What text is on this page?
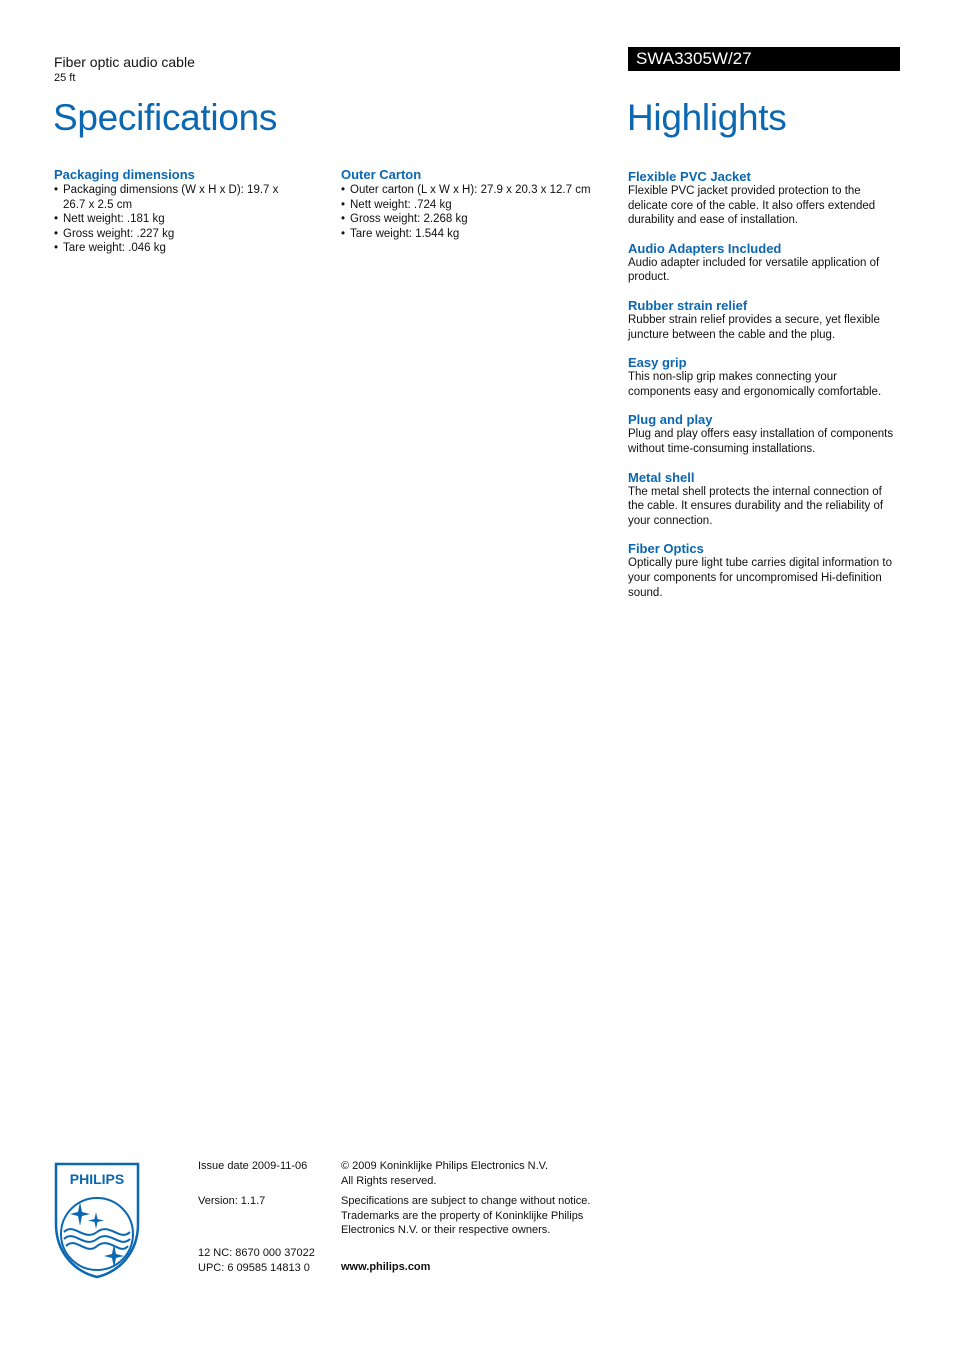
Fiber optic audio cable
25 ft
Specifications
SWA3305W/27
Highlights
Packaging dimensions
• Packaging dimensions (W x H x D): 19.7 x 26.7 x 2.5 cm
• Nett weight: .181 kg
• Gross weight: .227 kg
• Tare weight: .046 kg
Outer Carton
• Outer carton (L x W x H): 27.9 x 20.3 x 12.7 cm
• Nett weight: .724 kg
• Gross weight: 2.268 kg
• Tare weight: 1.544 kg
Flexible PVC Jacket

Flexible PVC jacket provided protection to the delicate core of the cable. It also offers extended durability and ease of installation.

Audio Adapters Included

Audio adapter included for versatile application of product.

Rubber strain relief

Rubber strain relief provides a secure, yet flexible juncture between the cable and the plug.

Easy grip

This non-slip grip makes connecting your components easy and ergonomically comfortable.

Plug and play

Plug and play offers easy installation of components without time-consuming installations.

Metal shell

The metal shell protects the internal connection of the cable. It ensures durability and the reliability of your connection.

Fiber Optics

Optically pure light tube carries digital information to your components for uncompromised Hi-definition sound.

PHILIPS
Issue date 2009-11-06
Version: 1.1.7
12 NC: 8670 000 37022
UPC: 6 09585 14813 0
© 2009 Koninklijke Philips Electronics N.V.
All Rights reserved.
Specifications are subject to change without notice.
Trademarks are the property of Koninklijke Philips
Electronics N.V. or their respective owners.
www.philips.com
